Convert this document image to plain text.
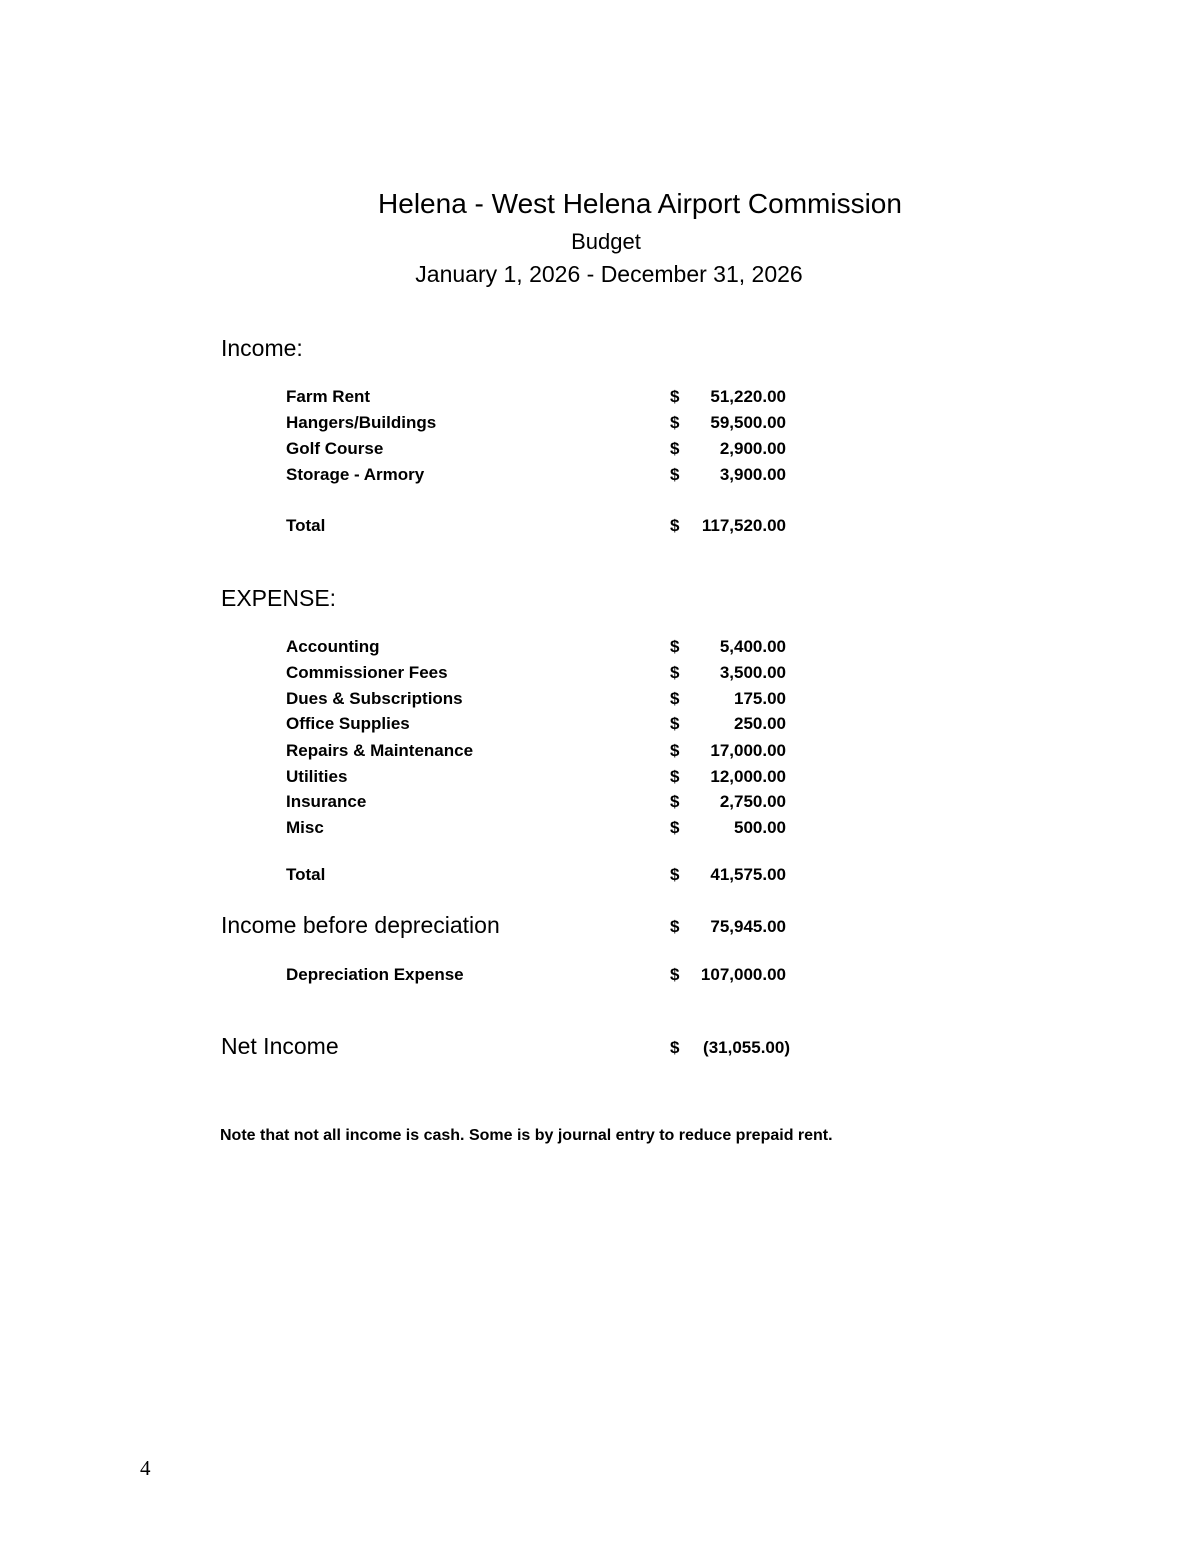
Helena - West Helena Airport Commission
Budget
January 1, 2026 - December 31, 2026
Income:
Farm Rent	$ 51,220.00
Hangers/Buildings	$ 59,500.00
Golf Course	$ 2,900.00
Storage - Armory	$ 3,900.00
Total	$ 117,520.00
EXPENSE:
Accounting	$ 5,400.00
Commissioner Fees	$ 3,500.00
Dues & Subscriptions	$	175.00
Office Supplies	$	250.00
Repairs & Maintenance	$ 17,000.00
Utilities	$ 12,000.00
Insurance	$ 2,750.00
Misc	$	500.00
Total	$ 41,575.00
Income before depreciation	$ 75,945.00
Depreciation Expense	$ 107,000.00
Net Income	$ (31,055.00)
Note that not all income is cash. Some is by journal entry to reduce prepaid rent.
4
